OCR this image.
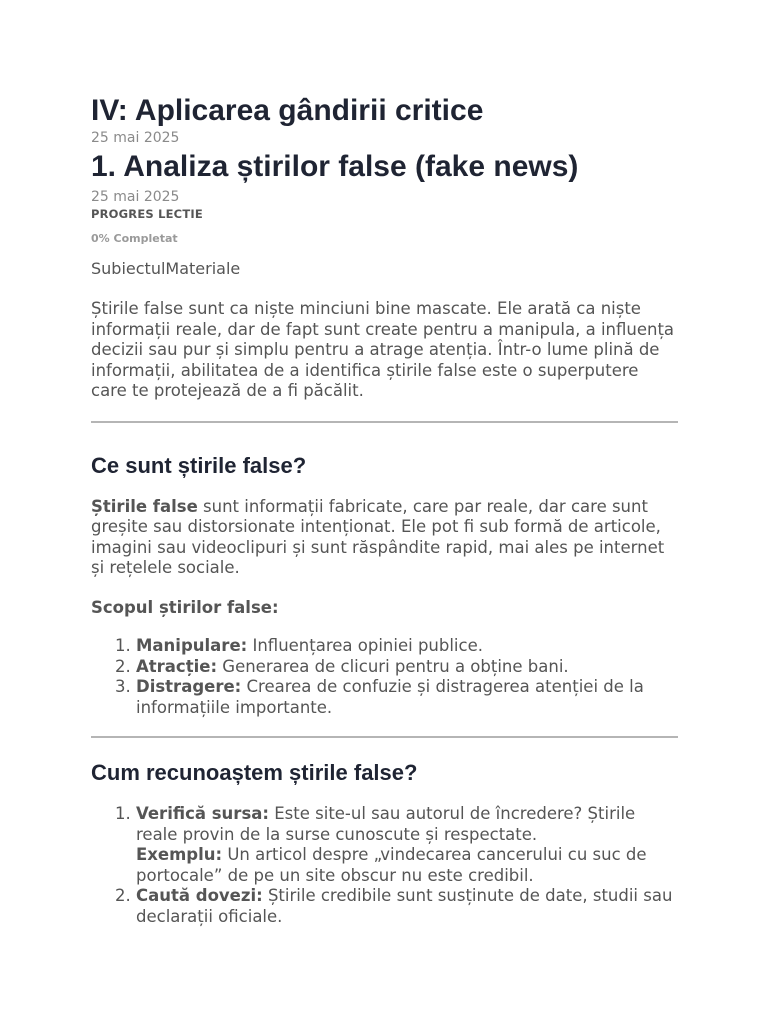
IV: Aplicarea gândirii critice
25 mai 2025
1. Analiza știrilor false (fake news)
25 mai 2025
PROGRES LECTIE
0% Completat
SubiectulMateriale

Știrile false sunt ca niște minciuni bine mascate. Ele arată ca niște informații reale, dar de fapt sunt create pentru a manipula, a influența decizii sau pur și simplu pentru a atrage atenția. Într-o lume plină de informații, abilitatea de a identifica știrile false este o superputere care te protejează de a fi păcălit.

Ce sunt știrile false?

Știrile false sunt informații fabricate, care par reale, dar care sunt greșite sau distorsionate intenționat. Ele pot fi sub formă de articole, imagini sau videoclipuri și sunt răspândite rapid, mai ales pe internet și rețelele sociale.

Scopul știrilor false:

1. Manipulare: Influențarea opiniei publice.
2. Atracție: Generarea de clicuri pentru a obține bani.
3. Distragere: Crearea de confuzie și distragerea atenției de la informațiile importante.
Cum recunoaștem știrile false?
1. Verifică sursa: Este site-ul sau autorul de încredere? Știrile reale provin de la surse cunoscute și respectate.
Exemplu: Un articol despre „vindecarea cancerului cu suc de portocale” de pe un site obscur nu este credibil.
2. Caută dovezi: Știrile credibile sunt susținute de date, studii sau declarații oficiale.
